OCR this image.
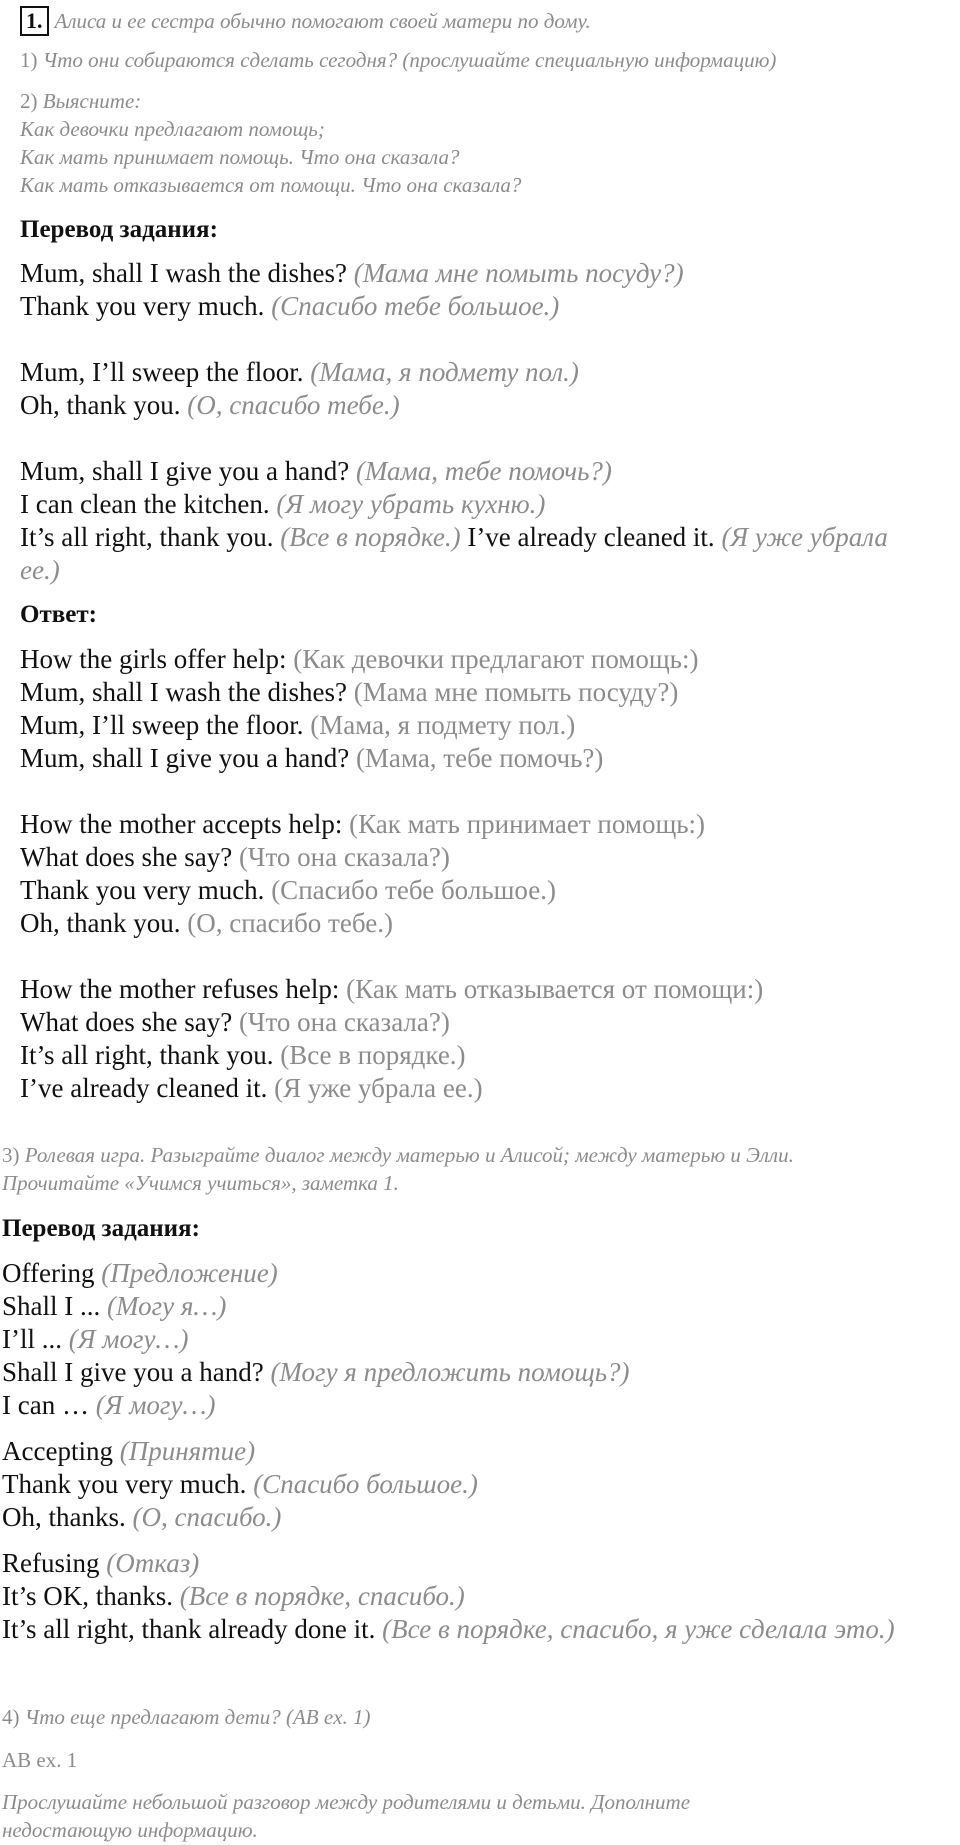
1. Алиса и ее сестра обычно помогают своей матери по дому.
1) Что они собираются сделать сегодня? (прослушайте специальную информацию)
2) Выясните:
Как девочки предлагают помощь;
Как мать принимает помощь. Что она сказала?
Как мать отказывается от помощи. Что она сказала?
Перевод задания:
Mum, shall I wash the dishes? (Мама мне помыть посуду?)
Thank you very much. (Спасибо тебе большое.)
Mum, I’ll sweep the floor. (Мама, я подмету пол.)
Oh, thank you. (О, спасибо тебе.)
Mum, shall I give you a hand? (Мама, тебе помочь?)
I can clean the kitchen. (Я могу убрать кухню.)
It’s all right, thank you. (Все в порядке.) I’ve already cleaned it. (Я уже убрала
ее.)
Ответ:
How the girls offer help: (Как девочки предлагают помощь:)
Mum, shall I wash the dishes? (Мама мне помыть посуду?)
Mum, I’ll sweep the floor. (Мама, я подмету пол.)
Mum, shall I give you a hand? (Мама, тебе помочь?)
How the mother accepts help: (Как мать принимает помощь:)
What does she say? (Что она сказала?)
Thank you very much. (Спасибо тебе большое.)
Oh, thank you. (О, спасибо тебе.)
How the mother refuses help: (Как мать отказывается от помощи:)
What does she say? (Что она сказала?)
It’s all right, thank you. (Все в порядке.)
I’ve already cleaned it. (Я уже убрала ее.)
3) Ролевая игра. Разыграйте диалог между матерью и Алисой; между матерью и Элли.
Прочитайте «Учимся учиться», заметка 1.
Перевод задания:
Offering (Предложение)
Shall I ... (Могу я…)
I’ll ... (Я могу…)
Shall I give you a hand? (Могу я предложить помощь?)
I can … (Я могу…)
Accepting (Принятие)
Thank you very much. (Спасибо большое.)
Oh, thanks. (О, спасибо.)
Refusing (Отказ)
It’s OK, thanks. (Все в порядке, спасибо.)
It’s all right, thank already done it. (Все в порядке, спасибо, я уже сделала это.)
4) Что еще предлагают дети? (AB ex. 1)
AB ex. 1
Прослушайте небольшой разговор между родителями и детьми. Дополните
недостающую информацию.
